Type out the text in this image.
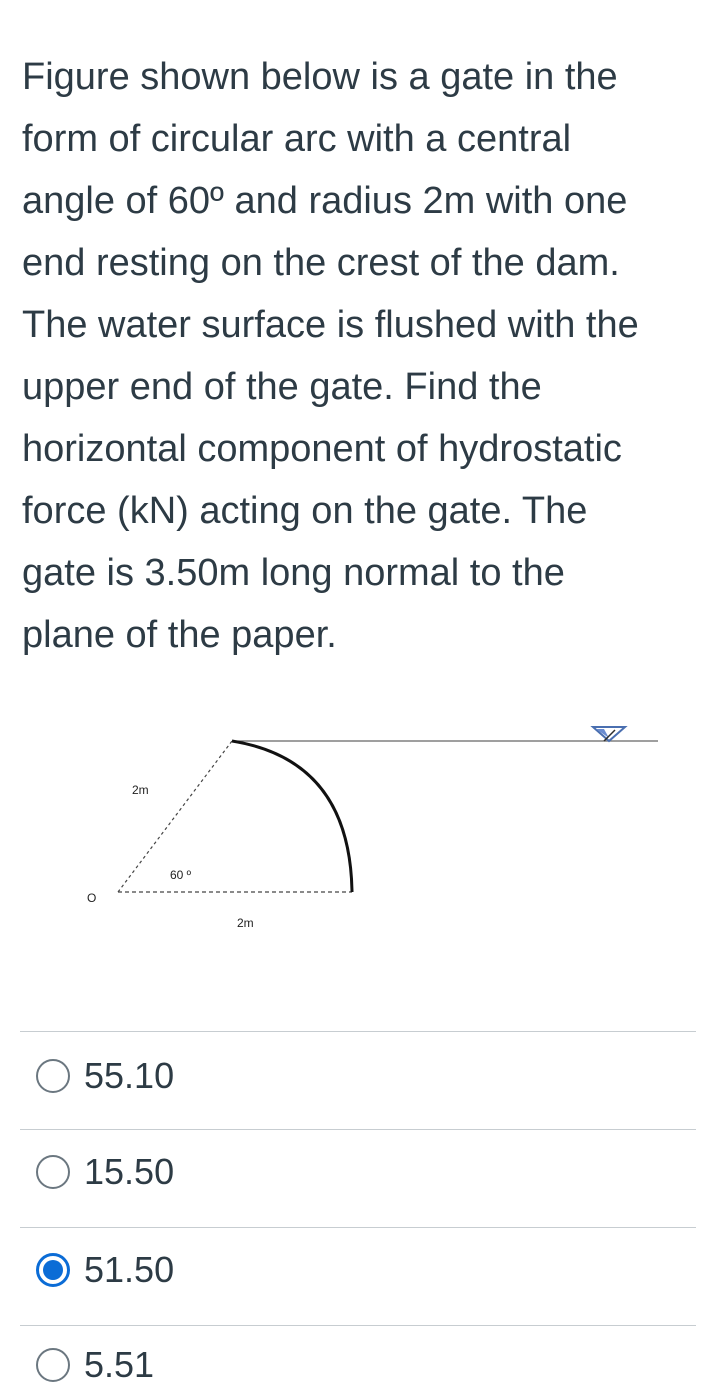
Figure shown below is a gate in the
form of circular arc with a central
angle of 60º and radius 2m with one
end resting on the crest of the dam.
The water surface is flushed with the
upper end of the gate. Find the
horizontal component of hydrostatic
force (kN) acting on the gate. The
gate is 3.50m long normal to the
plane of the paper.
O
2m
60 º
2m
55.10
15.50
51.50
5.51
